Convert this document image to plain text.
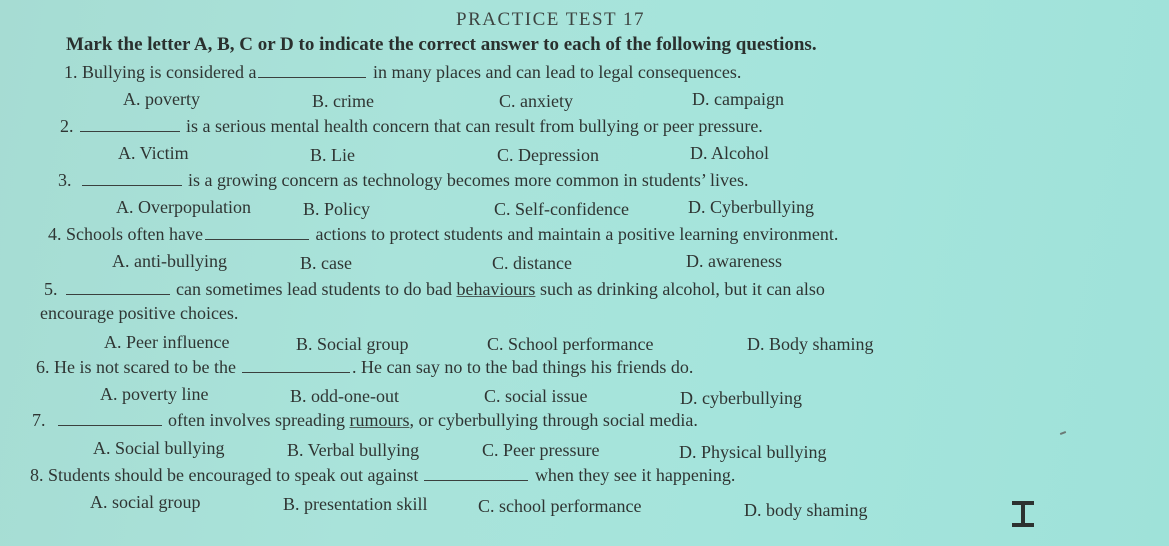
PRACTICE TEST 17
Mark the letter A, B, C or D to indicate the correct answer to each of the following questions.
1. Bullying is considered a	in many places and can lead to legal consequences.
A. poverty	B. crime	C. anxiety	D. campaign
2.	is a serious mental health concern that can result from bullying or peer pressure.
A. Victim	B. Lie	C. Depression	D. Alcohol
3.	is a growing concern as technology becomes more common in students’ lives.
A. Overpopulation	B. Policy	C. Self-confidence	D. Cyberbullying
4. Schools often have	actions to protect students and maintain a positive learning environment.
A. anti-bullying	B. case	C. distance	D. awareness
5.	can sometimes lead students to do bad behaviours such as drinking alcohol, but it can also
encourage positive choices.
A. Peer influence	B. Social group	C. School performance	D. Body shaming
6. He is not scared to be the	. He can say no to the bad things his friends do.
A. poverty line	B. odd-one-out	C. social issue	D. cyberbullying
7.	often involves spreading rumours, or cyberbullying through social media.
A. Social bullying	B. Verbal bullying	C. Peer pressure	D. Physical bullying
8. Students should be encouraged to speak out against	when they see it happening.
A. social group	B. presentation skill	C. school performance	D. body shaming
